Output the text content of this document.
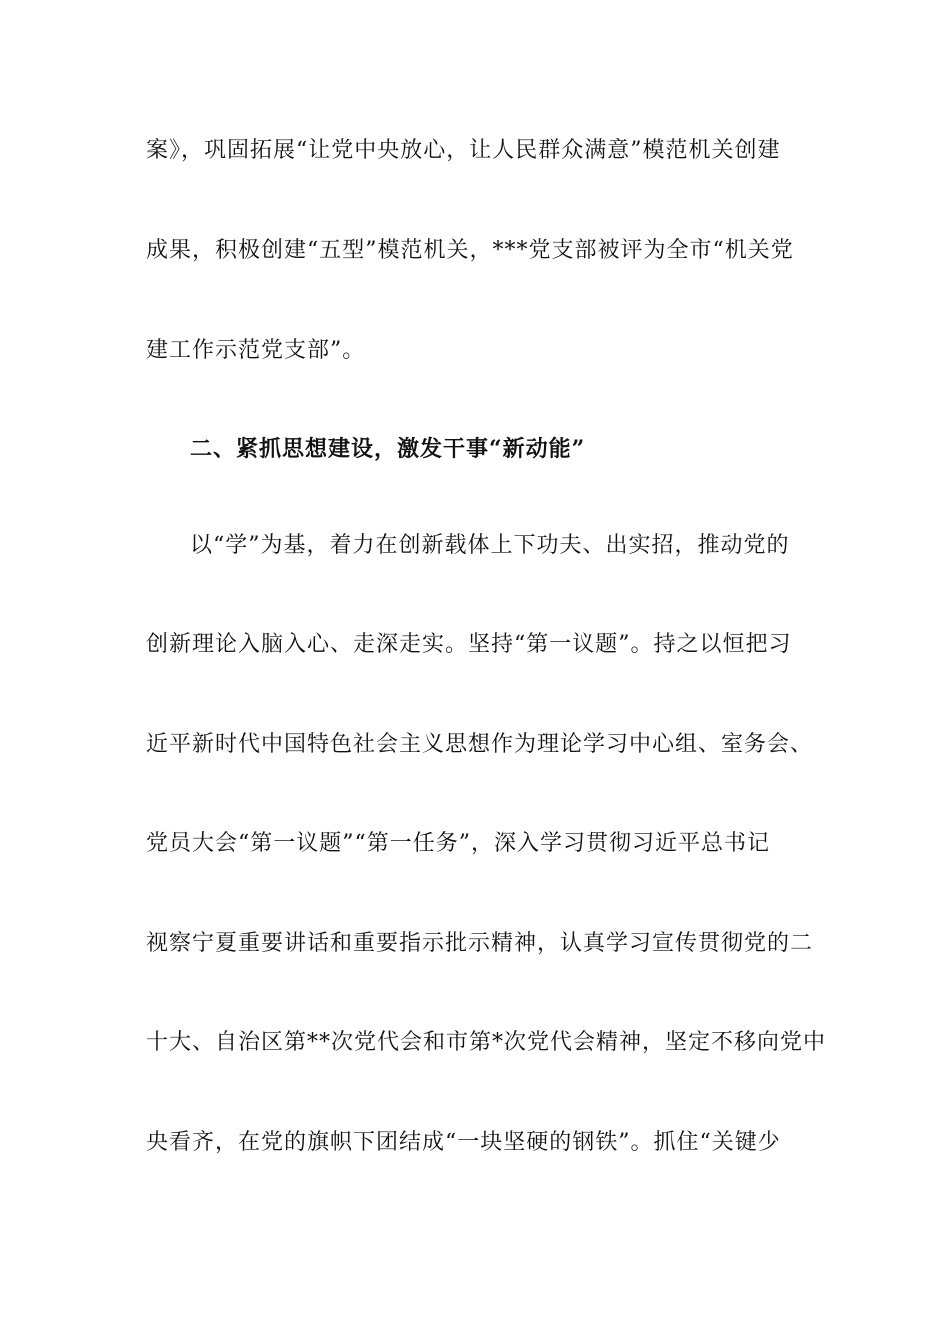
案》，巩固拓展“让党中央放心，让人民群众满意”模范机关创建
成果，积极创建“五型”模范机关，***党支部被评为全市“机关党
建工作示范党支部”。
二、紧抓思想建设，激发干事“新动能”
以“学”为基，着力在创新载体上下功夫、出实招，推动党的
创新理论入脑入心、走深走实。坚持“第一议题”。持之以恒把习
近平新时代中国特色社会主义思想作为理论学习中心组、室务会、
党员大会“第一议题”“第一任务”，深入学习贯彻习近平总书记
视察宁夏重要讲话和重要指示批示精神，认真学习宣传贯彻党的二
十大、自治区第**次党代会和市第*次党代会精神，坚定不移向党中
央看齐，在党的旗帜下团结成“一块坚硬的钢铁”。抓住“关键少
